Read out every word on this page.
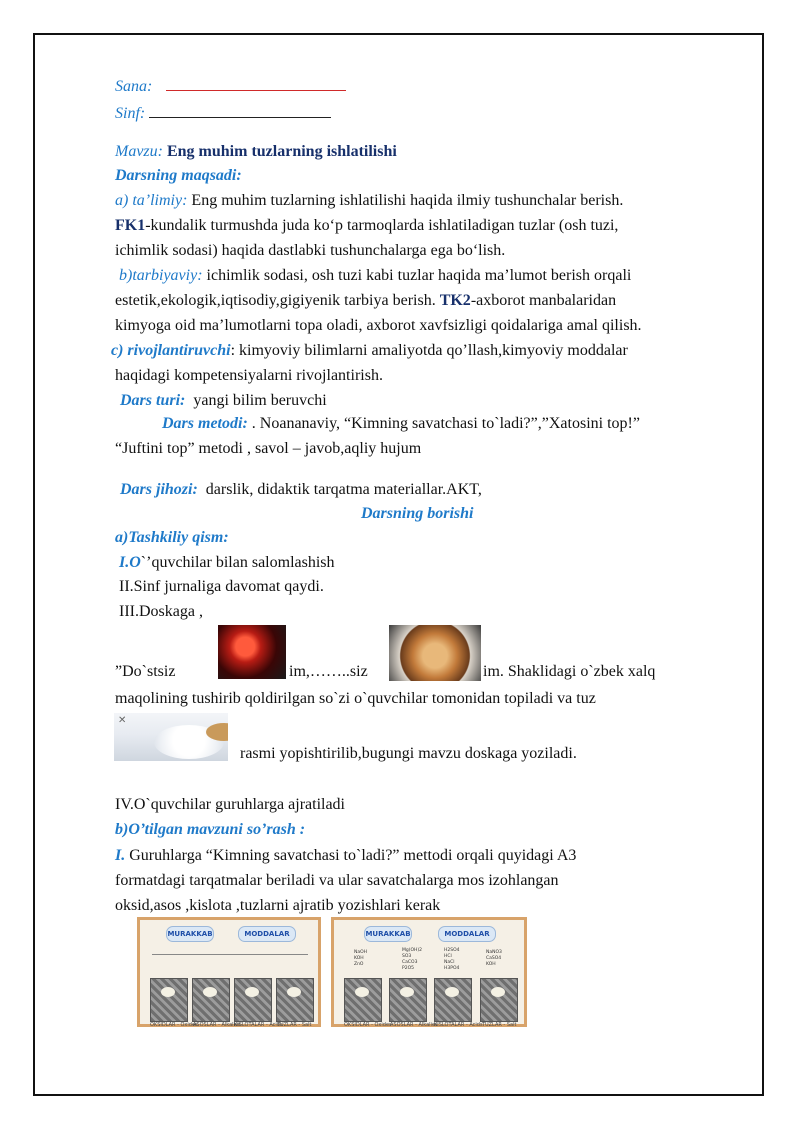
Sana:
Sinf:
Mavzu: Eng muhim tuzlarning ishlatilishi
Darsning maqsadi:
a) ta’limiy: Eng muhim tuzlarning ishlatilishi haqida ilmiy tushunchalar berish.
FK1-kundalik turmushda juda ko‘p tarmoqlarda ishlatiladigan tuzlar (osh tuzi,
ichimlik sodasi) haqida dastlabki tushunchalarga ega bo‘lish.
b)tarbiyaviy: ichimlik sodasi, osh tuzi kabi tuzlar haqida ma’lumot berish orqali
estetik,ekologik,iqtisodiy,gigiyenik tarbiya berish. TK2-axborot manbalaridan
kimyoga oid ma’lumotlarni topa oladi, axborot xavfsizligi qoidalariga amal qilish.
c) rivojlantiruvchi: kimyoviy bilimlarni amaliyotda qo’llash,kimyoviy moddalar
haqidagi kompetensiyalarni rivojlantirish.
Dars turi: yangi bilim beruvchi
Dars metodi: . Noananaviy, “Kimning savatchasi to`ladi?”,”Xatosini top!”
“Juftini top” metodi , savol – javob,aqliy hujum
Dars jihozi: darslik, didaktik tarqatma materiallar.AKT,
Darsning borishi
a)Tashkiliy qism:
I.O`’quvchilar bilan salomlashish
II.Sinf jurnaliga davomat qaydi.
III.Doskaga ,
”Do`stsiz	im,……..siz	im. Shaklidagi o`zbek xalq
maqolining tushirib qoldirilgan so`zi o`quvchilar tomonidan topiladi va tuz
✕
rasmi yopishtirilib,bugungi mavzu doskaga yoziladi.
IV.O`quvchilar guruhlarga ajratiladi
b)O’tilgan mavzuni so’rash :
I. Guruhlarga “Kimning savatchasi to`ladi?” mettodi orqali quyidagi A3
formatdagi tarqatmalar beriladi va ular savatchalarga mos izohlangan
oksid,asos ,kislota ,tuzlarni ajratib yozishlari kerak
MURAKKAB	MODDALAR
OKSIDLAR - Oxides
ASOSLAR - Alkalies
KISLOTALAR - Acids
TUZLAR - Salt
MURAKKAB	MODDALAR
NaOH
KOH
ZnO
Mg(OH)2
SO3
CaCO3
P2O5
H2SO4
HCl
NaCl
H3PO4
NaNO3
CaSO4
KOH
OKSIDLAR - Oxides
ASOSLAR - Alkalies
KISLOTALAR - Acids TUZLAR - Salt
